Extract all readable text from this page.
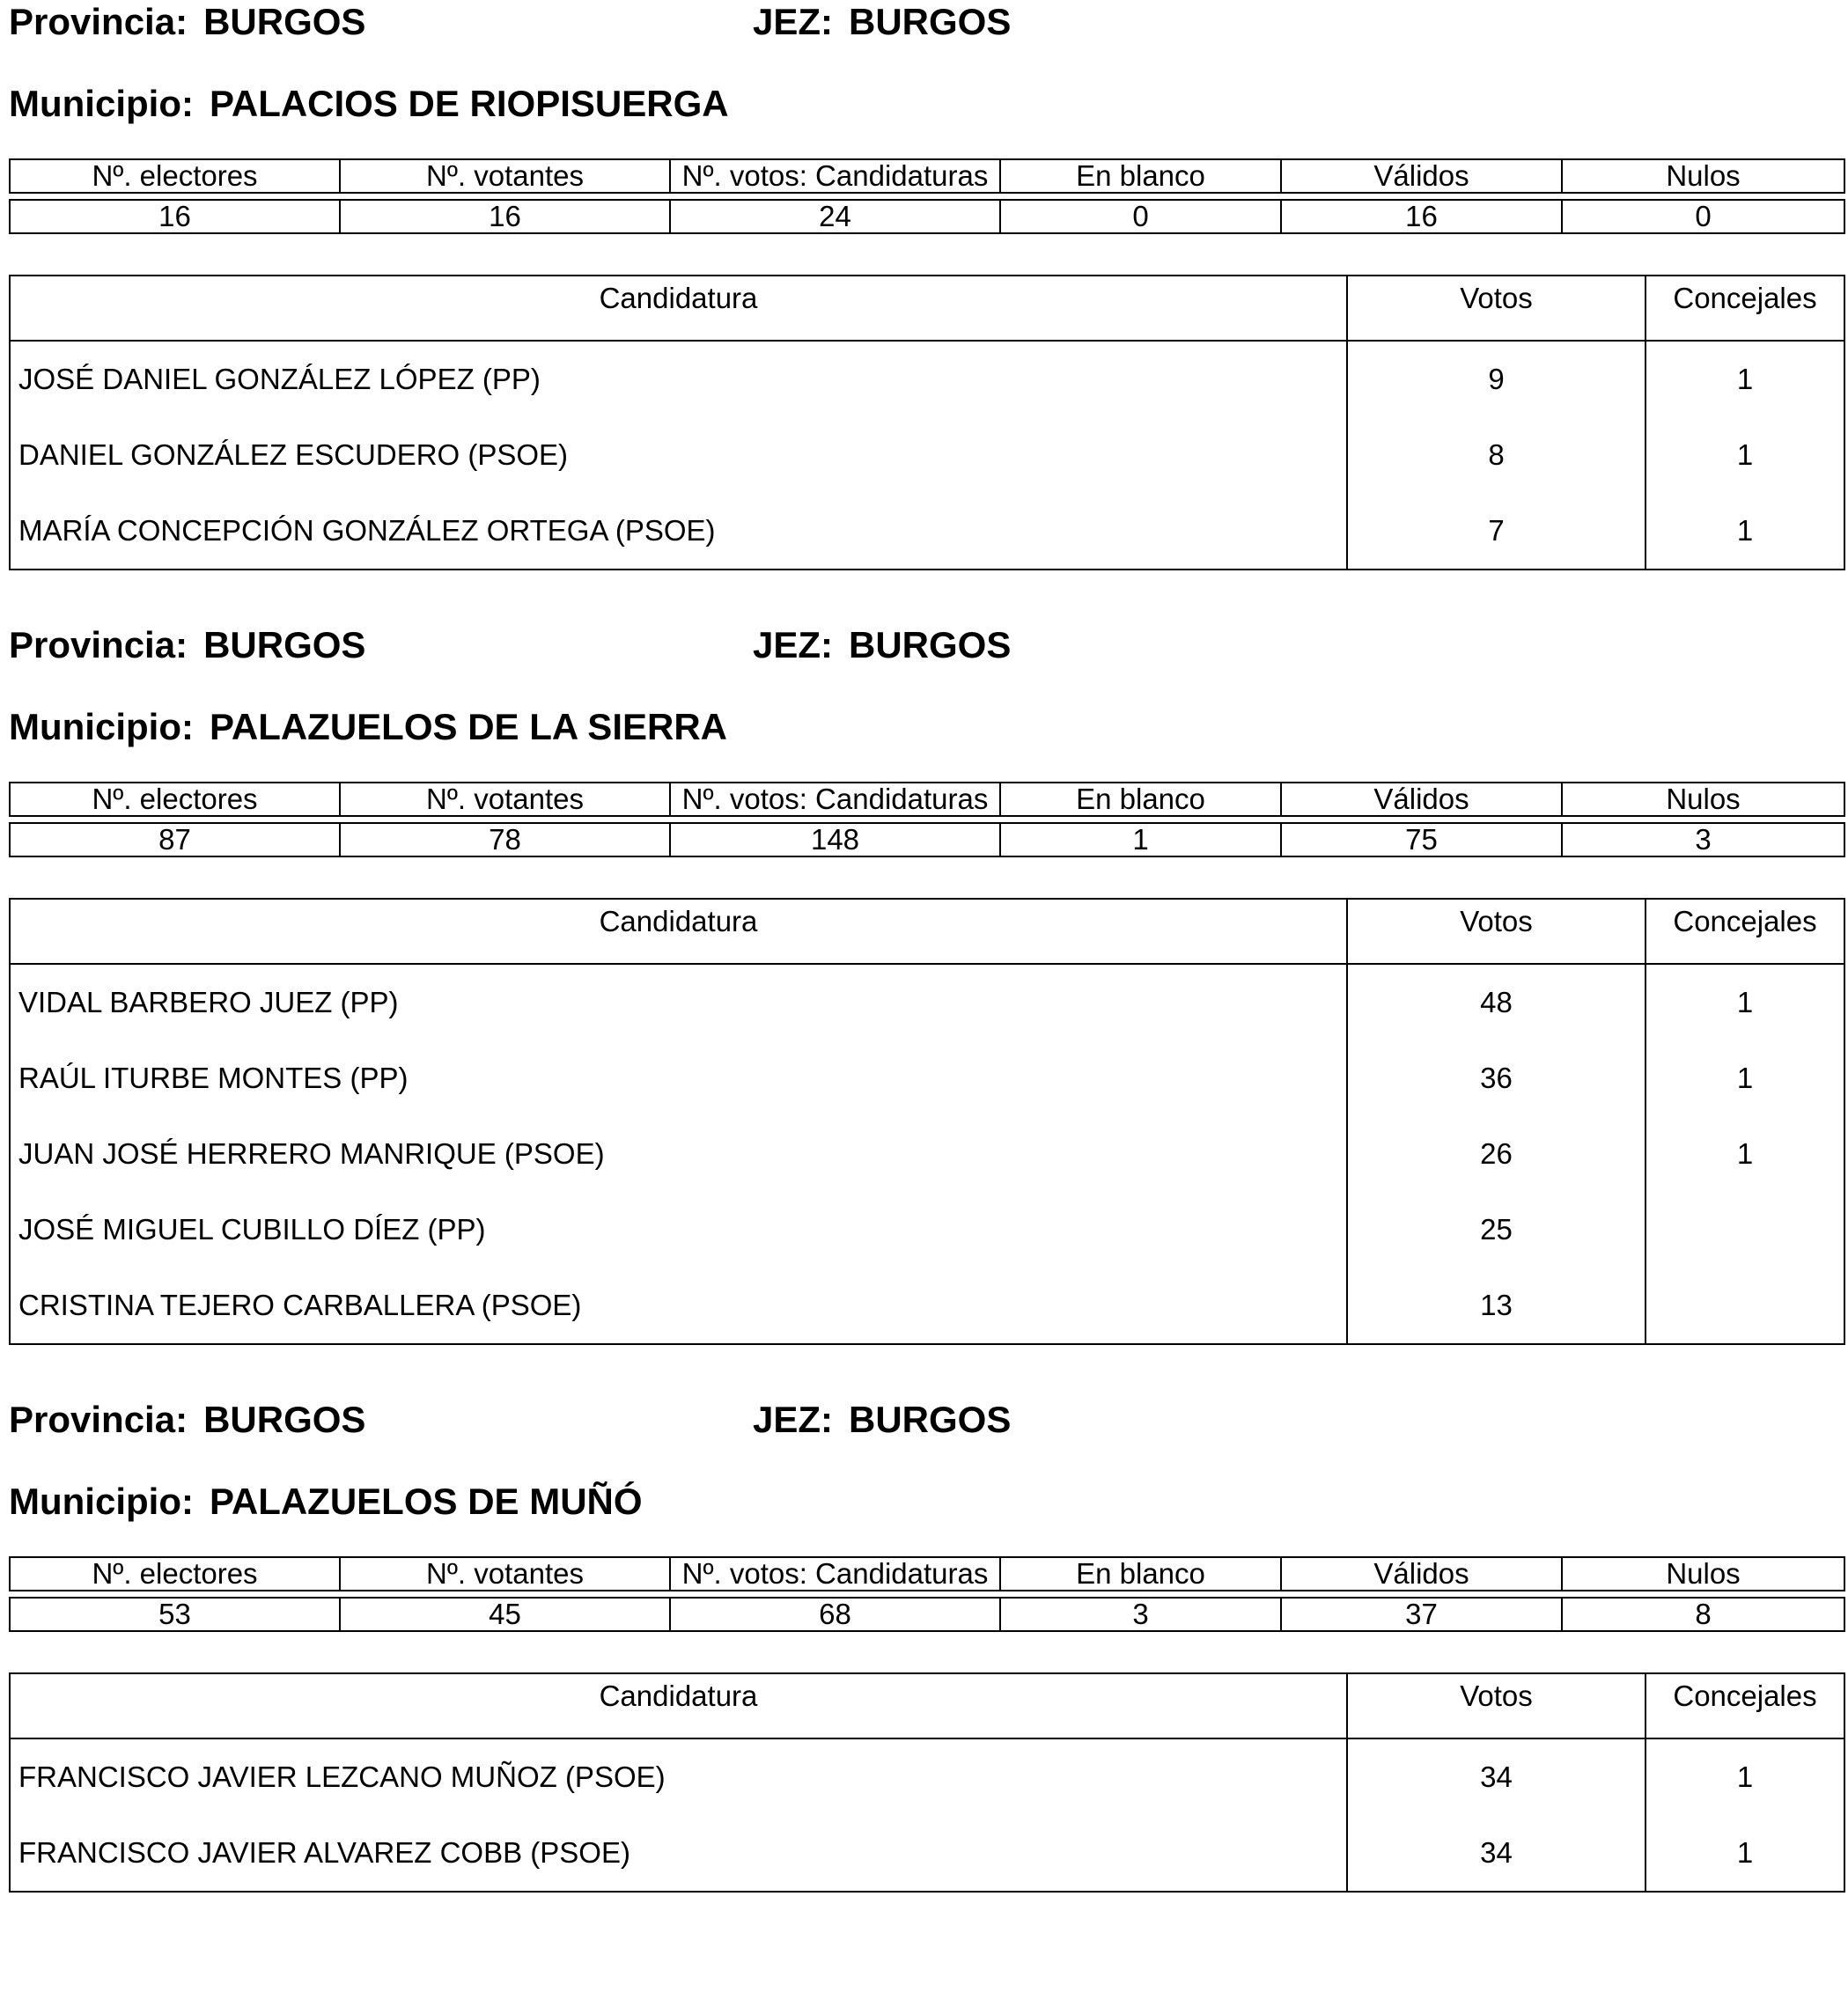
Provincia: BURGOS	JEZ: BURGOS
Municipio: PALACIOS DE RIOPISUERGA
Nº. electores	Nº. votantes	Nº. votos: Candidaturas	En blanco	Válidos	Nulos

16	16	24	0	16	0
Candidatura	Votos	Concejales
JOSÉ DANIEL GONZÁLEZ LÓPEZ (PP)	9	1
DANIEL GONZÁLEZ ESCUDERO (PSOE)	8	1
MARÍA CONCEPCIÓN GONZÁLEZ ORTEGA (PSOE)	7	1
Provincia: BURGOS	JEZ: BURGOS
Municipio: PALAZUELOS DE LA SIERRA
Nº. electores	Nº. votantes	Nº. votos: Candidaturas	En blanco	Válidos	Nulos

87	78	148	1	75	3
Candidatura	Votos	Concejales
VIDAL BARBERO JUEZ (PP)	48	1
RAÚL ITURBE MONTES (PP)	36	1
JUAN JOSÉ HERRERO MANRIQUE (PSOE)	26	1
JOSÉ MIGUEL CUBILLO DÍEZ (PP)	25	
CRISTINA TEJERO CARBALLERA (PSOE)	13	
Provincia: BURGOS	JEZ: BURGOS
Municipio: PALAZUELOS DE MUÑÓ
Nº. electores	Nº. votantes	Nº. votos: Candidaturas	En blanco	Válidos	Nulos

53	45	68	3	37	8
Candidatura	Votos	Concejales
FRANCISCO JAVIER LEZCANO MUÑOZ (PSOE)	34	1
FRANCISCO JAVIER ALVAREZ COBB (PSOE)	34	1
